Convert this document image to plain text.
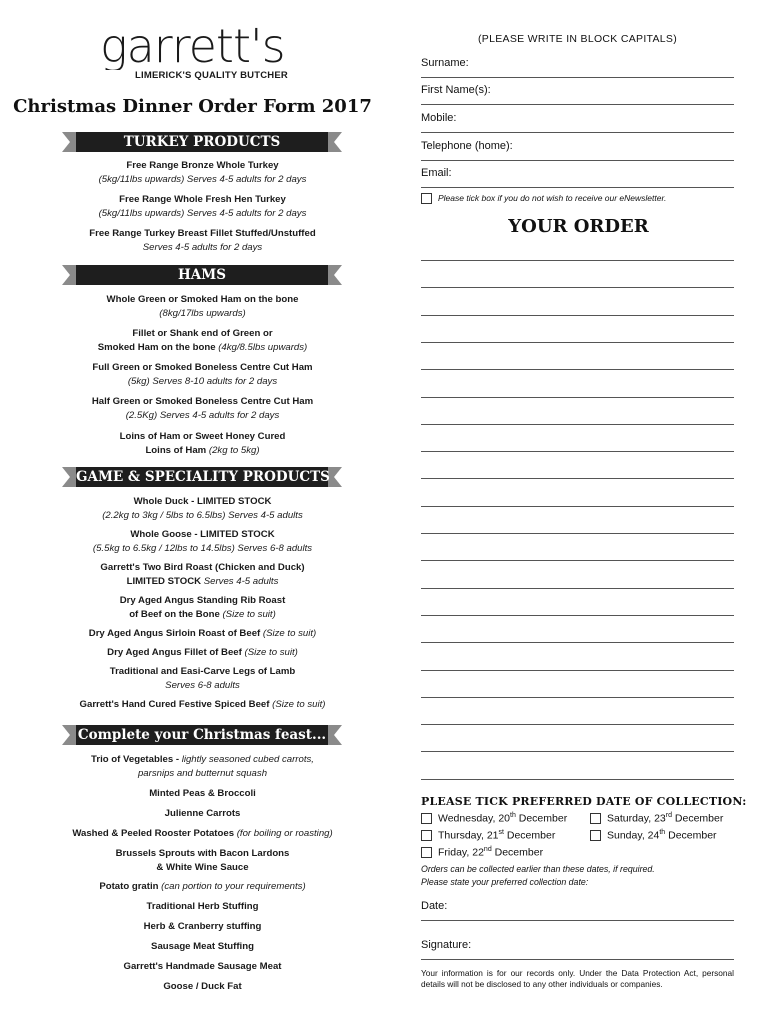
garrett's
LIMERICK'S QUALITY BUTCHER
Christmas Dinner Order Form 2017
TURKEY PRODUCTS
Free Range Bronze Whole Turkey
(5kg/11lbs upwards) Serves 4-5 adults for 2 days
Free Range Whole Fresh Hen Turkey
(5kg/11lbs upwards) Serves 4-5 adults for 2 days
Free Range Turkey Breast Fillet Stuffed/Unstuffed
Serves 4-5 adults for 2 days
HAMS
Whole Green or Smoked Ham on the bone
(8kg/17lbs upwards)
Fillet or Shank end of Green or
Smoked Ham on the bone (4kg/8.5lbs upwards)
Full Green or Smoked Boneless Centre Cut Ham
(5kg) Serves 8-10 adults for 2 days
Half Green or Smoked Boneless Centre Cut Ham
(2.5Kg) Serves 4-5 adults for 2 days
Loins of Ham or Sweet Honey Cured
Loins of Ham (2kg to 5kg)
GAME & SPECIALITY PRODUCTS
Whole Duck - LIMITED STOCK
(2.2kg to 3kg / 5lbs to 6.5lbs) Serves 4-5 adults
Whole Goose - LIMITED STOCK
(5.5kg to 6.5kg / 12lbs to 14.5lbs) Serves 6-8 adults
Garrett's Two Bird Roast (Chicken and Duck)
LIMITED STOCK Serves 4-5 adults
Dry Aged Angus Standing Rib Roast
of Beef on the Bone (Size to suit)
Dry Aged Angus Sirloin Roast of Beef (Size to suit)
Dry Aged Angus Fillet of Beef (Size to suit)
Traditional and Easi-Carve Legs of Lamb
Serves 6-8 adults
Garrett's Hand Cured Festive Spiced Beef (Size to suit)
Complete your Christmas feast...
Trio of Vegetables - lightly seasoned cubed carrots,
parsnips and butternut squash
Minted Peas & Broccoli
Julienne Carrots
Washed & Peeled Rooster Potatoes (for boiling or roasting)
Brussels Sprouts with Bacon Lardons
& White Wine Sauce
Potato gratin (can portion to your requirements)
Traditional Herb Stuffing
Herb & Cranberry stuffing
Sausage Meat Stuffing
Garrett's Handmade Sausage Meat
Goose / Duck Fat
(PLEASE WRITE IN BLOCK CAPITALS)
Surname:
First Name(s):
Mobile:
Telephone (home):
Email:
Please tick box if you do not wish to receive our eNewsletter.
YOUR ORDER
PLEASE TICK PREFERRED DATE OF COLLECTION:
Wednesday, 20th December	Saturday, 23rd December
Thursday, 21st December	Sunday, 24th December
Friday, 22nd December
Orders can be collected earlier than these dates, if required.
Please state your preferred collection date:
Date:
Signature:
Your information is for our records only. Under the Data Protection Act, personal details will not be disclosed to any other individuals or companies.
